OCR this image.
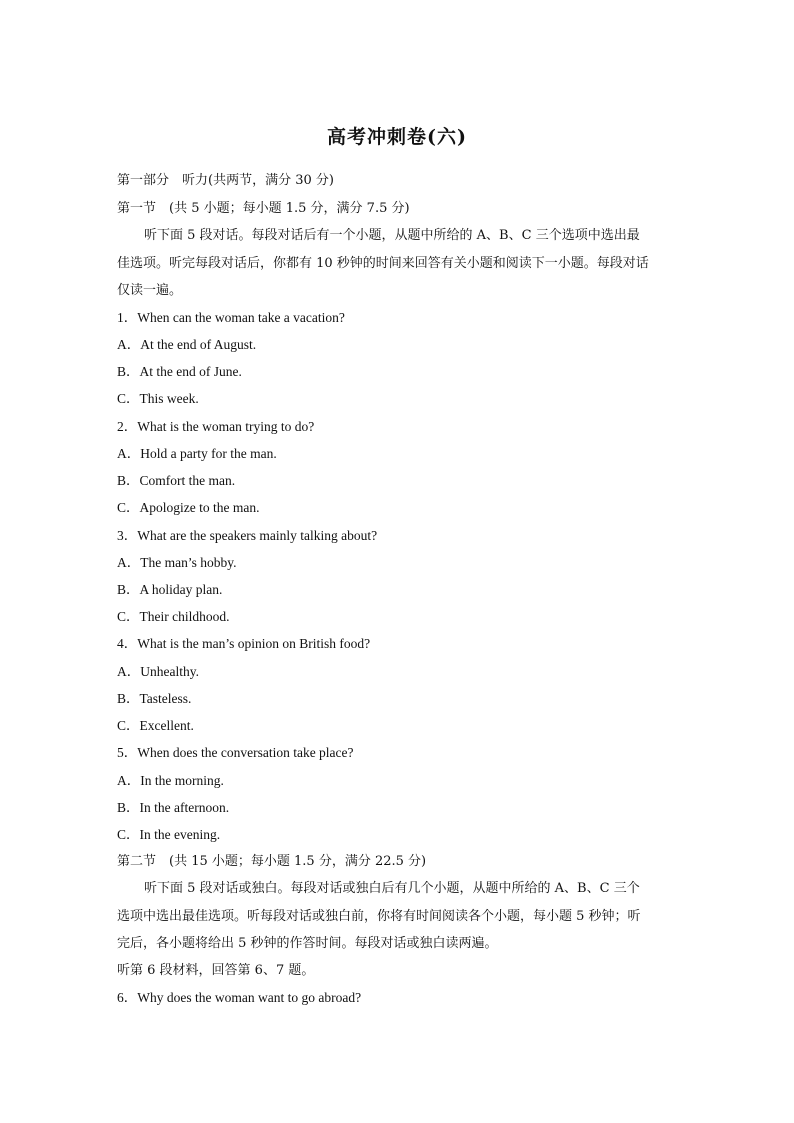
高考冲刺卷(六)
第一部分　听力(共两节，满分 30 分)
第一节　(共 5 小题；每小题 1.5 分，满分 7.5 分)
听下面 5 段对话。每段对话后有一个小题，从题中所给的 A、B、C 三个选项中选出最
佳选项。听完每段对话后，你都有 10 秒钟的时间来回答有关小题和阅读下一小题。每段对话
仅读一遍。
1．When can the woman take a vacation?
A．At the end of August.
B．At the end of June.
C．This week.
2．What is the woman trying to do?
A．Hold a party for the man.
B．Comfort the man.
C．Apologize to the man.
3．What are the speakers mainly talking about?
A．The man’s hobby.
B．A holiday plan.
C．Their childhood.
4．What is the man’s opinion on British food?
A．Unhealthy.
B．Tasteless.
C．Excellent.
5．When does the conversation take place?
A．In the morning.
B．In the afternoon.
C．In the evening.
第二节　(共 15 小题；每小题 1.5 分，满分 22.5 分)
听下面 5 段对话或独白。每段对话或独白后有几个小题，从题中所给的 A、B、C 三个
选项中选出最佳选项。听每段对话或独白前，你将有时间阅读各个小题，每小题 5 秒钟；听
完后，各小题将给出 5 秒钟的作答时间。每段对话或独白读两遍。
听第 6 段材料，回答第 6、7 题。
6．Why does the woman want to go abroad?
